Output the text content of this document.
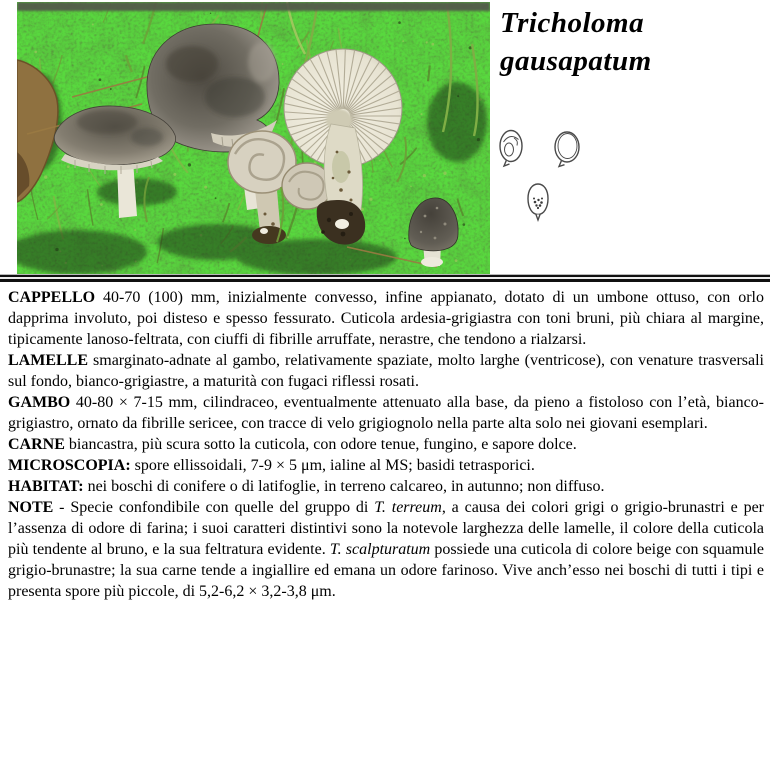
Tricholoma
gausapatum

CAPPELLO 40-70 (100) mm, inizialmente convesso, infine appianato, dotato di un umbone ottuso, con orlo dapprima involuto, poi disteso e spesso fessurato. Cuticola ardesia-grigiastra con toni bruni, più chiara al margine, tipicamente lanoso-feltrata, con ciuffi di fibrille arruffate, nerastre, che tendono a rialzarsi.

LAMELLE smarginato-adnate al gambo, relativamente spaziate, molto larghe (ventricose), con venature trasversali sul fondo, bianco-grigiastre, a maturità con fugaci riflessi rosati.

GAMBO 40-80 × 7-15 mm, cilindraceo, eventualmente attenuato alla base, da pieno a fistoloso con l’età, bianco-grigiastro, ornato da fibrille sericee, con tracce di velo grigiognolo nella parte alta solo nei giovani esemplari.

CARNE biancastra, più scura sotto la cuticola, con odore tenue, fungino, e sapore dolce.

MICROSCOPIA: spore ellissoidali, 7-9 × 5 μm, ialine al MS; basidi tetrasporici.

HABITAT: nei boschi di conifere o di latifoglie, in terreno calcareo, in autunno; non diffuso.

NOTE - Specie confondibile con quelle del gruppo di T. terreum, a causa dei colori grigi o grigio-brunastri e per l’assenza di odore di farina; i suoi caratteri distintivi sono la notevole larghezza delle lamelle, il colore della cuticola più tendente al bruno, e la sua feltratura evidente. T. scalpturatum possiede una cuticola di colore beige con squamule grigio-brunastre; la sua carne tende a ingiallire ed emana un odore farinoso. Vive anch’esso nei boschi di tutti i tipi e presenta spore più piccole, di 5,2-6,2 × 3,2-3,8 μm.
